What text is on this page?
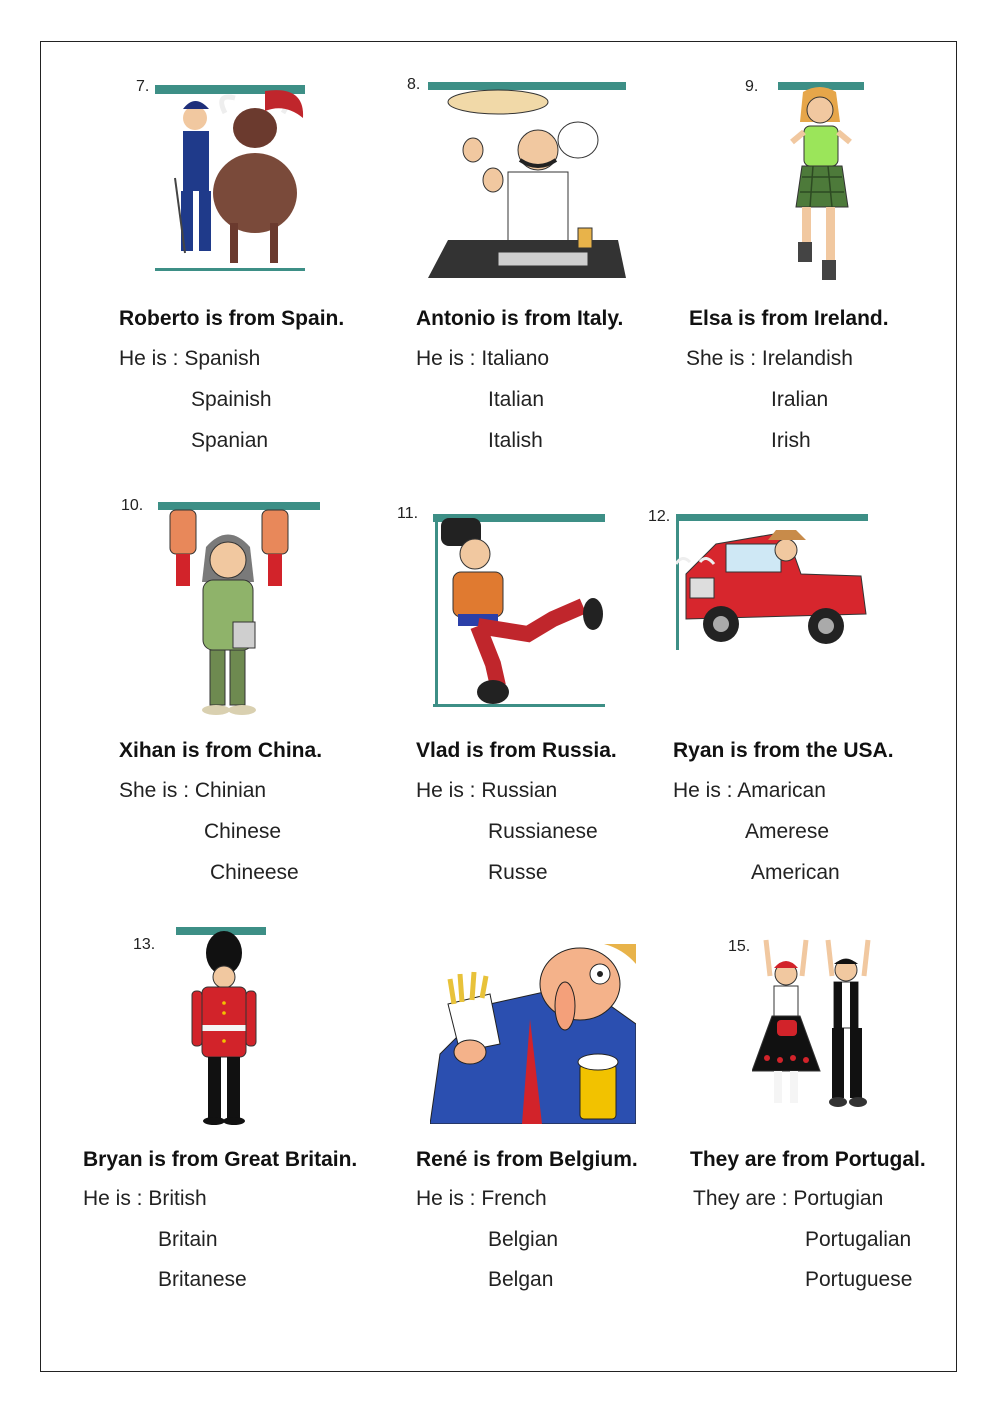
7.
Roberto is from Spain.
He is : Spanish
Spainish
Spanian
8.
Antonio is from Italy.
He is : Italiano
Italian
Italish
9.
Elsa is from Ireland.
She is : Irelandish
Iralian
Irish
10.
Xihan is from China.
She is : Chinian
Chinese
Chineese
11.
Vlad is from Russia.
He is : Russian
Russianese
Russe
12.
Ryan is from the USA.
He is : Amarican
Amerese
American
13.
Bryan is from Great Britain.
He is : British
Britain
Britanese
René is from Belgium.
He is : French
Belgian
Belgan
15.
They are from Portugal.
They are : Portugian
Portugalian
Portuguese
